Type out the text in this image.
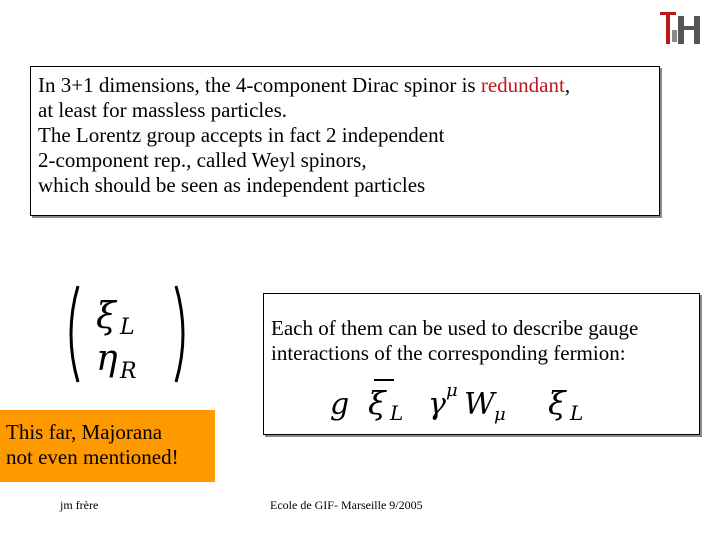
In 3+1 dimensions, the 4-component Dirac spinor is redundant,
at least for massless particles.
The Lorentz group accepts in fact 2 independent
2-component rep., called Weyl spinors,
which should be seen as independent particles
ξ L
η R
Each of them can be used to describe gauge
interactions of the corresponding fermion:
g ξ L γ μ W μ ξ L
This far, Majorana
not even mentioned!
jm frère	Ecole de GIF- Marseille 9/2005
